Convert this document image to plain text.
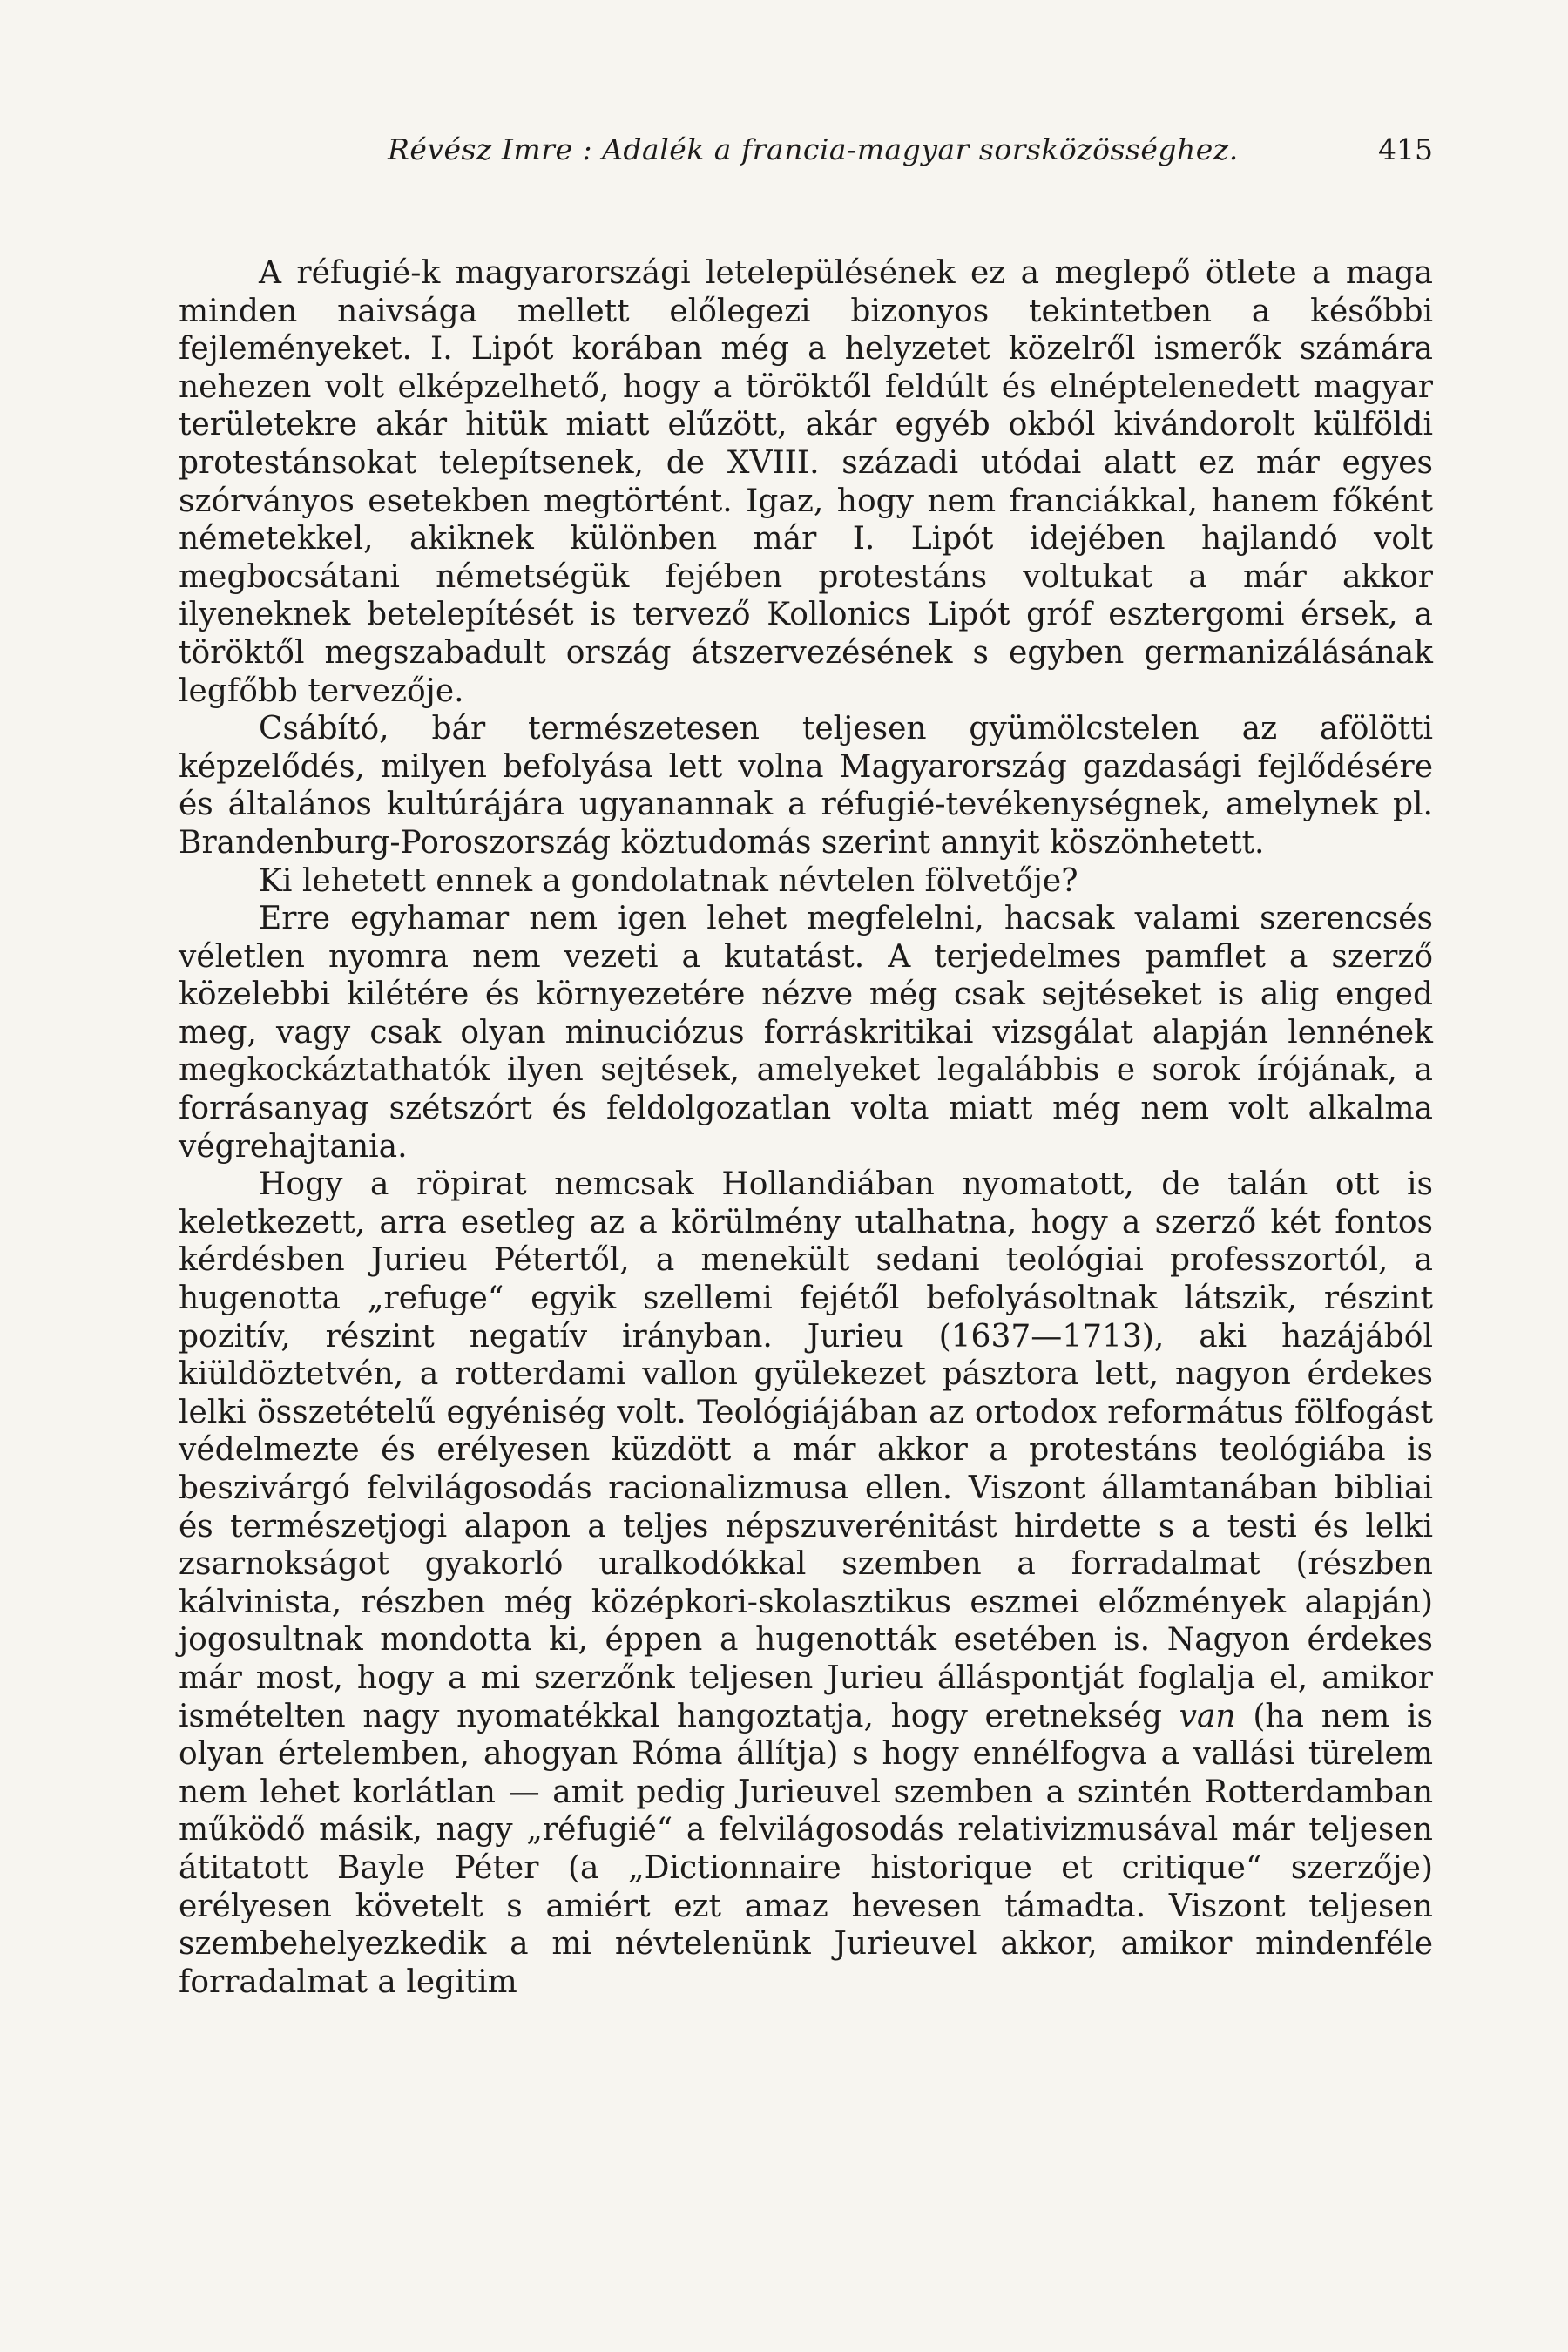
Révész Imre : Adalék a francia-magyar sorsközösséghez.	415

A réfugié-k magyarországi letelepülésének ez a meglepő ötlete a maga minden naivsága mellett előlegezi bizonyos tekintetben a későbbi fejleményeket. I. Lipót korában még a helyzetet közelről ismerők számára nehezen volt elképzelhető, hogy a töröktől feldúlt és elnéptelenedett magyar területekre akár hitük miatt elűzött, akár egyéb okból kivándorolt külföldi protestánsokat telepítsenek, de XVIII. századi utódai alatt ez már egyes szórványos esetekben megtörtént. Igaz, hogy nem franciákkal, hanem főként németekkel, akiknek különben már I. Lipót idejében hajlandó volt megbocsátani németségük fejében protestáns voltukat a már akkor ilyeneknek betelepítését is tervező Kollonics Lipót gróf esztergomi érsek, a töröktől megszabadult ország átszervezésének s egyben germanizálásának legfőbb tervezője.

Csábító, bár természetesen teljesen gyümölcstelen az afölötti képzelődés, milyen befolyása lett volna Magyarország gazdasági fejlődésére és általános kultúrájára ugyanannak a réfugié-tevékenységnek, amelynek pl. Brandenburg-Poroszország köztudomás szerint annyit köszönhetett.

Ki lehetett ennek a gondolatnak névtelen fölvetője?

Erre egyhamar nem igen lehet megfelelni, hacsak valami szerencsés véletlen nyomra nem vezeti a kutatást. A terjedelmes pamflet a szerző közelebbi kilétére és környezetére nézve még csak sejtéseket is alig enged meg, vagy csak olyan minuciózus forráskritikai vizsgálat alapján lennének megkockáztathatók ilyen sejtések, amelyeket legalábbis e sorok írójának, a forrásanyag szétszórt és feldolgozatlan volta miatt még nem volt alkalma végrehajtania.

Hogy a röpirat nemcsak Hollandiában nyomatott, de talán ott is keletkezett, arra esetleg az a körülmény utalhatna, hogy a szerző két fontos kérdésben Jurieu Pétertől, a menekült sedani teológiai professzortól, a hugenotta „refuge“ egyik szellemi fejétől befolyásoltnak látszik, részint pozitív, részint negatív irányban. Jurieu (1637—1713), aki hazájából kiüldöztetvén, a rotterdami vallon gyülekezet pásztora lett, nagyon érdekes lelki összetételű egyéniség volt. Teológiájában az ortodox református fölfogást védelmezte és erélyesen küzdött a már akkor a protestáns teológiába is beszivárgó felvilágosodás racionalizmusa ellen. Viszont államtanában bibliai és természetjogi alapon a teljes népszuverénitást hirdette s a testi és lelki zsarnokságot gyakorló uralkodókkal szemben a forradalmat (részben kálvinista, részben még középkori-skolasztikus eszmei előzmények alapján) jogosultnak mondotta ki, éppen a hugenották esetében is. Nagyon érdekes már most, hogy a mi szerzőnk teljesen Jurieu álláspontját foglalja el, amikor ismételten nagy nyomatékkal hangoztatja, hogy eretnekség van (ha nem is olyan értelemben, ahogyan Róma állítja) s hogy ennélfogva a vallási türelem nem lehet korlátlan — amit pedig Jurieuvel szemben a szintén Rotterdamban működő másik, nagy „réfugié“ a felvilágosodás relativizmusával már teljesen átitatott Bayle Péter (a „Dictionnaire historique et critique“ szerzője) erélyesen követelt s amiért ezt amaz hevesen támadta. Viszont teljesen szembehelyezkedik a mi névtelenünk Jurieuvel akkor, amikor mindenféle forradalmat a legitim
